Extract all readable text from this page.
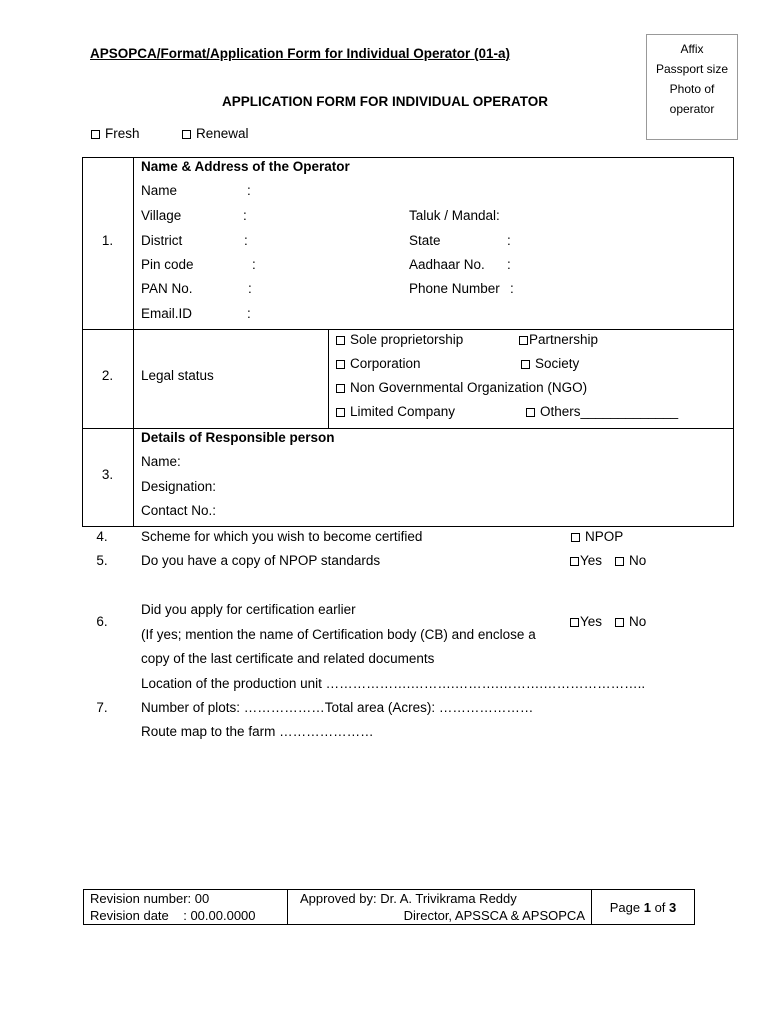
APSOPCA/Format/Application Form for Individual Operator (01-a)
APPLICATION FORM FOR INDIVIDUAL OPERATOR
Affix
Passport size
Photo of
operator
Fresh	Renewal
1.
Name & Address of the Operator
Name	:
Village	:	Taluk / Mandal:
District	:	State	:
Pin code	:	Aadhaar No. :
PAN No.	:	Phone Number :
Email.ID	:
2.	Legal status
Sole proprietorship	Partnership
Corporation	Society
Non Governmental Organization (NGO)
Limited Company	Others_____________
3.
Details of Responsible person
Name:
Designation:
Contact No.:
4.	Scheme for which you wish to become certified	NPOP
5.	Do you have a copy of NPOP standards	Yes	No
6.
Did you apply for certification earlier
(If yes; mention the name of Certification body (CB) and enclose a
copy of the last certificate and related documents
Yes	No
7.
Location of the production unit ……………….……….……….……….…………………..
Number of plots: ………………Total area (Acres): …………………
Route map to the farm …………………
Revision number: 00
Revision date    : 00.00.0000

Approved by: Dr. A. Trivikrama Reddy
Director, APSSCA & APSOPCA
	Page 1 of 3
